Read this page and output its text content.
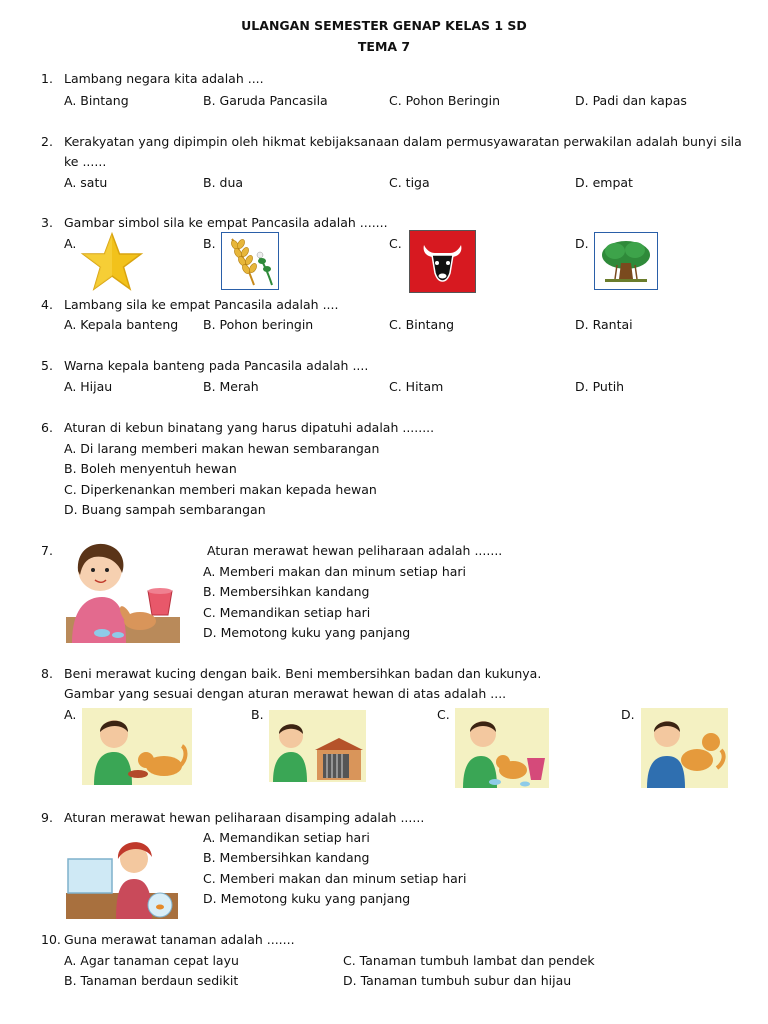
ULANGAN SEMESTER GENAP KELAS 1 SD
TEMA 7
1. Lambang negara kita adalah ....
A. Bintang	B. Garuda Pancasila	C. Pohon Beringin	D. Padi dan kapas
2. Kerakyatan yang dipimpin oleh hikmat kebijaksanaan dalam permusyawaratan perwakilan adalah bunyi sila
ke ......
A. satu	B. dua	C. tiga	D. empat
3. Gambar simbol sila ke empat Pancasila adalah .......
A.	B.	C.	D.
4. Lambang sila ke empat Pancasila adalah ....
A. Kepala banteng B. Pohon beringin	C. Bintang	D. Rantai
5. Warna kepala banteng pada Pancasila adalah ....
A. Hijau	B. Merah	C. Hitam	D. Putih
6. Aturan di kebun binatang yang harus dipatuhi adalah ........
A. Di larang memberi makan hewan sembarangan
B. Boleh menyentuh hewan
C. Diperkenankan memberi makan kepada hewan
D. Buang sampah sembarangan
7.	Aturan merawat hewan peliharaan adalah .......
A. Memberi makan dan minum setiap hari
B. Membersihkan kandang
C. Memandikan setiap hari
D. Memotong kuku yang panjang
8. Beni merawat kucing dengan baik. Beni membersihkan badan dan kukunya.
Gambar yang sesuai dengan aturan merawat hewan di atas adalah ....
A.	B.	C.	D.
9. Aturan merawat hewan peliharaan disamping adalah ......
A. Memandikan setiap hari
B. Membersihkan kandang
C. Memberi makan dan minum setiap hari
D. Memotong kuku yang panjang
10. Guna merawat tanaman adalah .......
A. Agar tanaman cepat layu	C. Tanaman tumbuh lambat dan pendek
B. Tanaman berdaun sedikit	D. Tanaman tumbuh subur dan hijau
